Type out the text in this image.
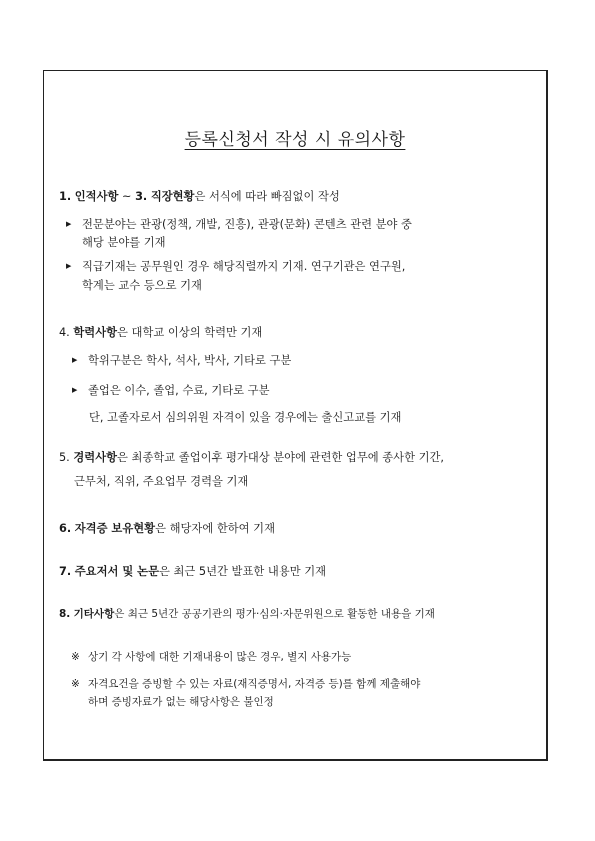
등록신청서 작성 시 유의사항
1. 인적사항 ~ 3. 직장현황은 서식에 따라 빠짐없이 작성
▶ 전문분야는 관광(정책, 개발, 진흥), 관광(문화) 콘텐츠 관련 분야 중
해당 분야를 기재
▶ 직급기재는 공무원인 경우 해당직렬까지 기재. 연구기관은 연구원,
학계는 교수 등으로 기재
4. 학력사항은 대학교 이상의 학력만 기재
▶ 학위구분은 학사, 석사, 박사, 기타로 구분
▶ 졸업은 이수, 졸업, 수료, 기타로 구분
단, 고졸자로서 심의위원 자격이 있을 경우에는 출신고교를 기재
5. 경력사항은 최종학교 졸업이후 평가대상 분야에 관련한 업무에 종사한 기간,
근무처, 직위, 주요업무 경력을 기재
6. 자격증 보유현황은 해당자에 한하여 기재
7. 주요저서 및 논문은 최근 5년간 발표한 내용만 기재
8. 기타사항은 최근 5년간 공공기관의 평가·심의·자문위원으로 활동한 내용을 기재
※ 상기 각 사항에 대한 기재내용이 많은 경우, 별지 사용가능
※ 자격요건을 증빙할 수 있는 자료(재직증명서, 자격증 등)를 함께 제출해야
하며 증빙자료가 없는 해당사항은 불인정
